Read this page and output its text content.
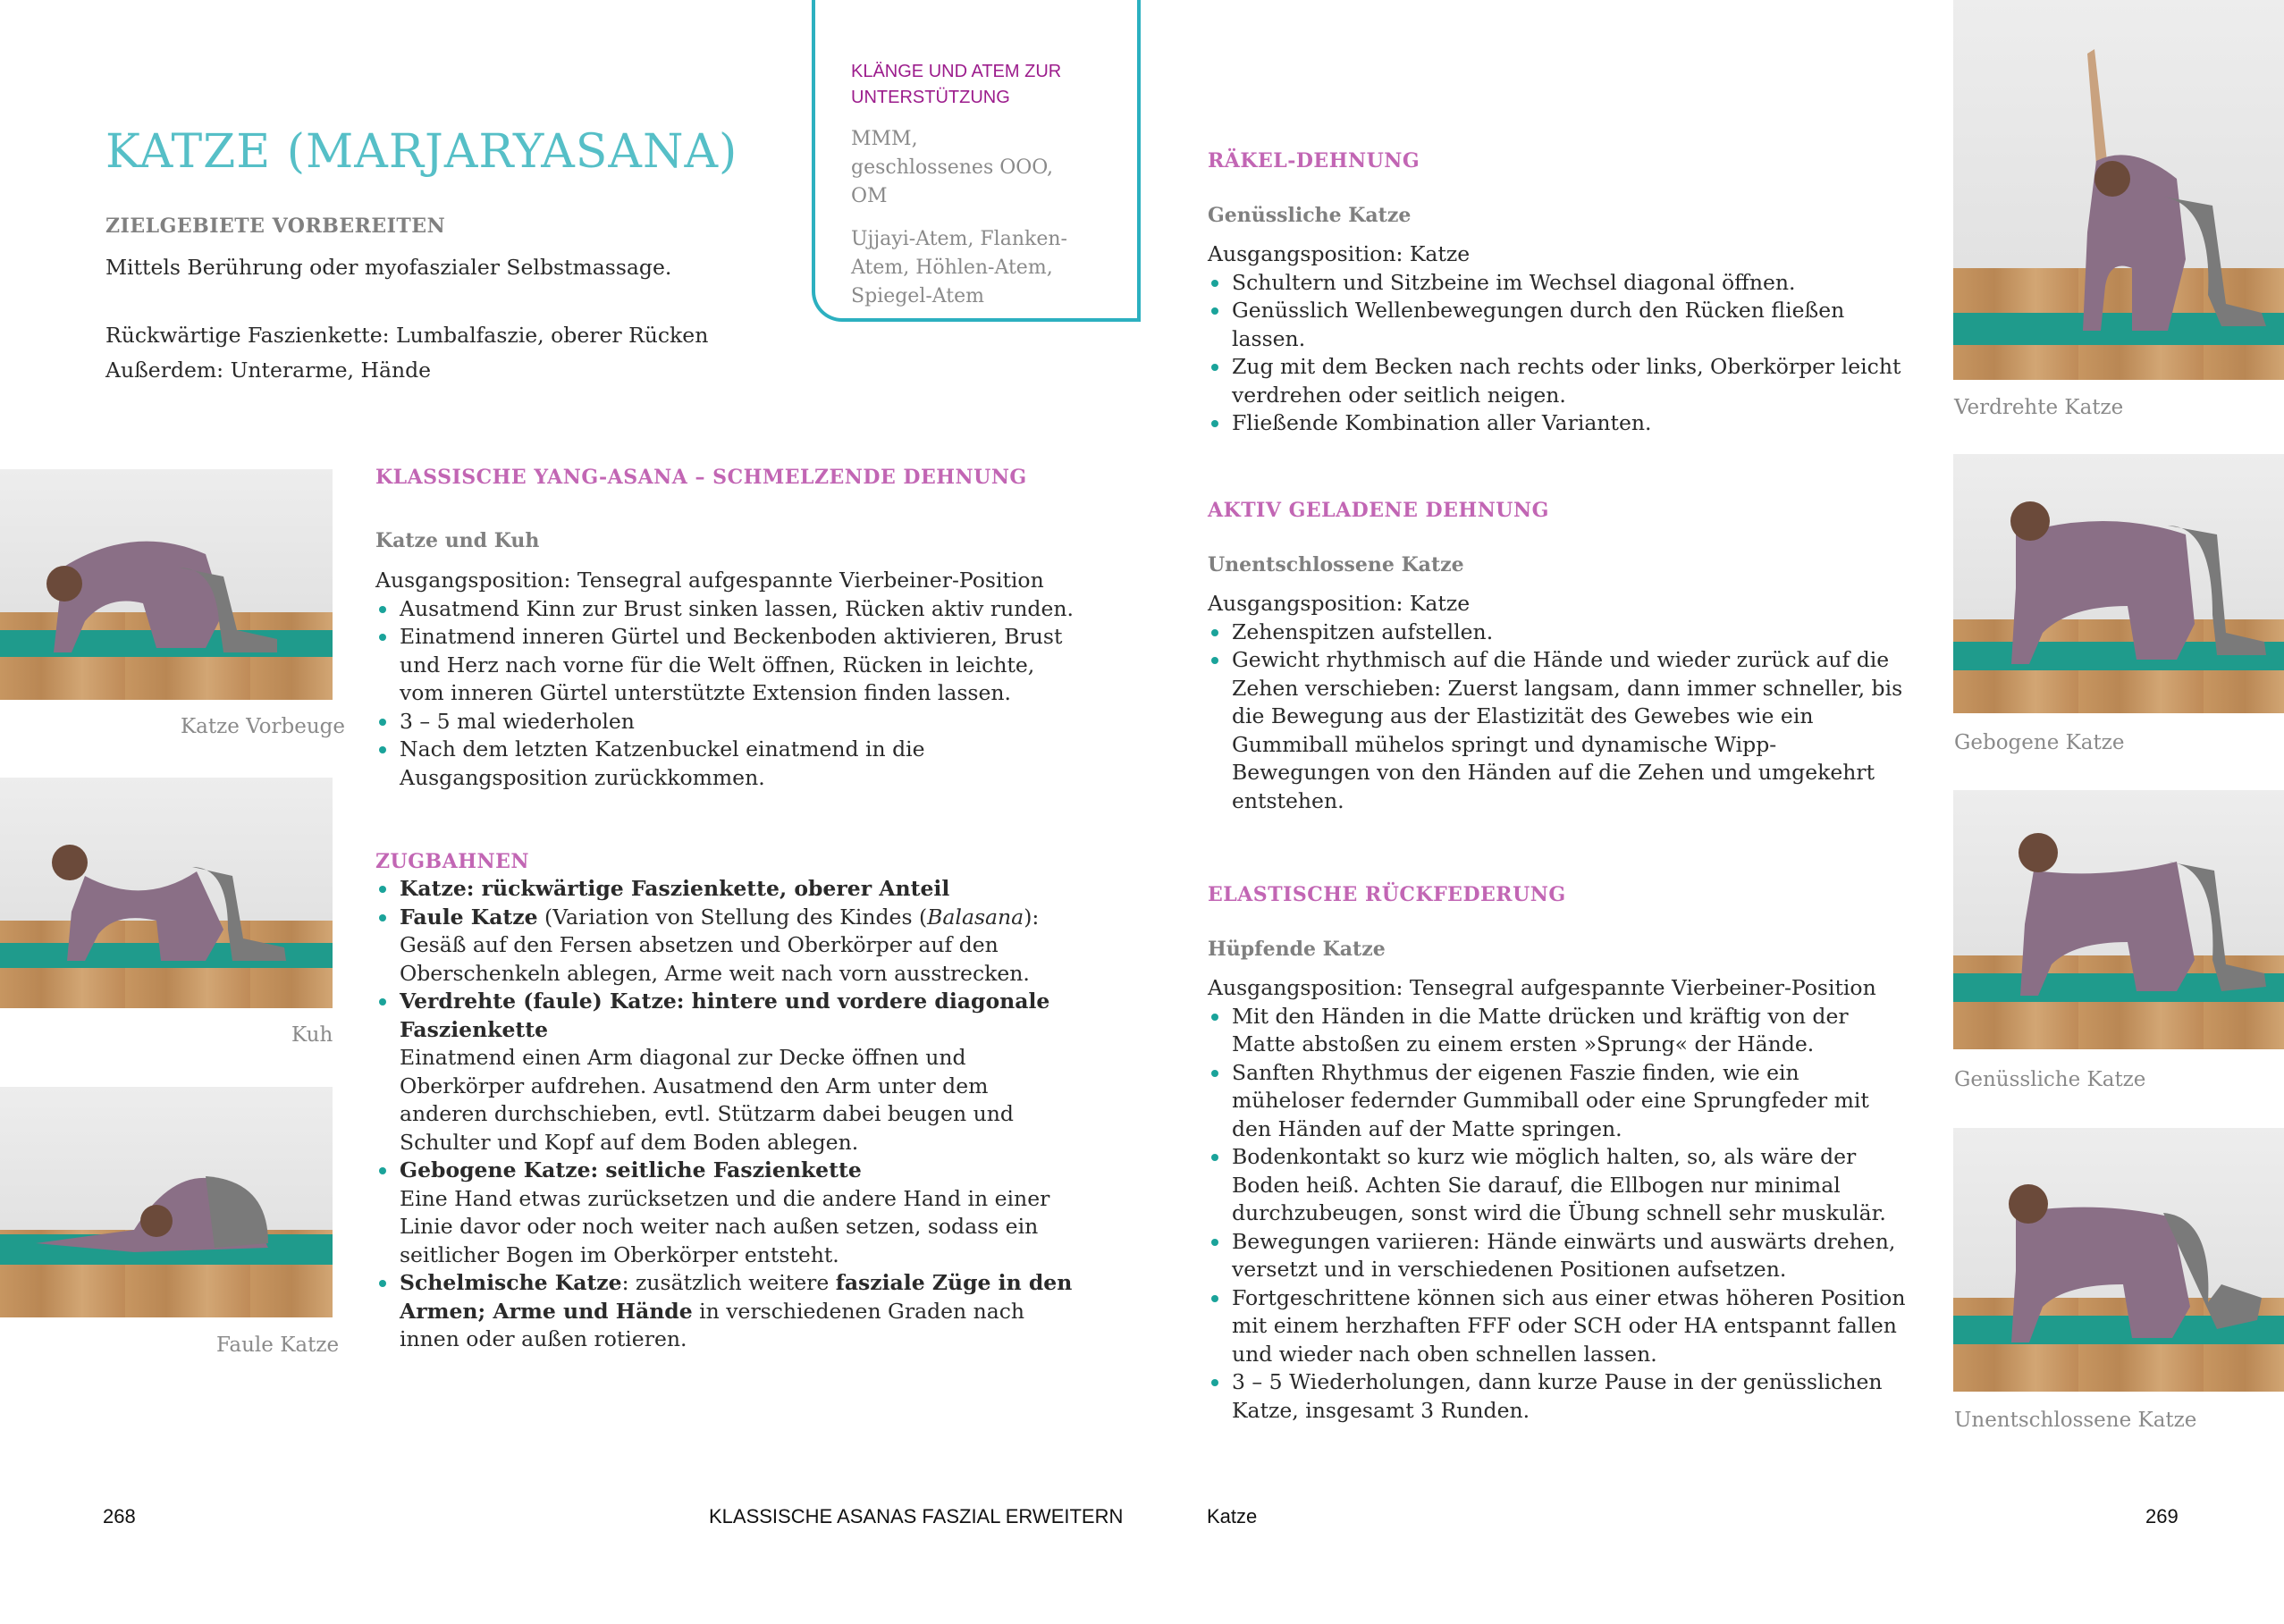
KATZE (MARJARYASANA)
ZIELGEBIETE VORBEREITEN
Mittels Berührung oder myofaszialer Selbstmassage.
Rückwärtige Faszienkette: Lumbalfaszie, oberer Rücken
Außerdem: Unterarme, Hände
KLÄNGE UND ATEM ZUR UNTERSTÜTZUNG
MMM, geschlossenes OOO, OM
Ujjayi-Atem, Flanken-Atem, Höhlen-Atem, Spiegel-Atem
Katze Vorbeuge
Kuh
Faule Katze
KLASSISCHE YANG-ASANA – SCHMELZENDE DEHNUNG
Katze und Kuh
Ausgangsposition: Tensegral aufgespannte Vierbeiner-Position
Ausatmend Kinn zur Brust sinken lassen, Rücken aktiv runden.
Einatmend inneren Gürtel und Beckenboden aktivieren, Brust und Herz nach vorne für die Welt öffnen, Rücken in leichte, vom inneren Gürtel unterstützte Extension finden lassen.
3 – 5 mal wiederholen
Nach dem letzten Katzenbuckel einatmend in die Ausgangsposition zurückkommen.
ZUGBAHNEN
Katze: rückwärtige Faszienkette, oberer Anteil
Faule Katze (Variation von Stellung des Kindes (Balasana): Gesäß auf den Fersen absetzen und Oberkörper auf den Oberschenkeln ablegen, Arme weit nach vorn ausstrecken.
Verdrehte (faule) Katze: hintere und vordere diagonale Faszienkette
Einatmend einen Arm diagonal zur Decke öffnen und Oberkörper aufdrehen. Ausatmend den Arm unter dem anderen durchschieben, evtl. Stützarm dabei beugen und Schulter und Kopf auf dem Boden ablegen.
Gebogene Katze: seitliche Faszienkette
Eine Hand etwas zurücksetzen und die andere Hand in einer Linie davor oder noch weiter nach außen setzen, sodass ein seitlicher Bogen im Oberkörper entsteht.
Schelmische Katze: zusätzlich weitere fasziale Züge in den Armen; Arme und Hände in verschiedenen Graden nach innen oder außen rotieren.
268	KLASSISCHE ASANAS FASZIAL ERWEITERN
RÄKEL-DEHNUNG
Genüssliche Katze
Ausgangsposition: Katze
Schultern und Sitzbeine im Wechsel diagonal öffnen.
Genüsslich Wellenbewegungen durch den Rücken fließen lassen.
Zug mit dem Becken nach rechts oder links, Oberkörper leicht verdrehen oder seitlich neigen.
Fließende Kombination aller Varianten.
AKTIV GELADENE DEHNUNG
Unentschlossene Katze
Ausgangsposition: Katze
Zehenspitzen aufstellen.
Gewicht rhythmisch auf die Hände und wieder zurück auf die Zehen verschieben: Zuerst langsam, dann immer schneller, bis die Bewegung aus der Elastizität des Gewebes wie ein Gummiball mühelos springt und dynamische Wipp-Bewegungen von den Händen auf die Zehen und umgekehrt entstehen.
ELASTISCHE RÜCKFEDERUNG
Hüpfende Katze
Ausgangsposition: Tensegral aufgespannte Vierbeiner-Position
Mit den Händen in die Matte drücken und kräftig von der Matte abstoßen zu einem ersten »Sprung« der Hände.
Sanften Rhythmus der eigenen Faszie finden, wie ein müheloser federnder Gummiball oder eine Sprungfeder mit den Händen auf der Matte springen.
Bodenkontakt so kurz wie möglich halten, so, als wäre der Boden heiß. Achten Sie darauf, die Ellbogen nur minimal durchzubeugen, sonst wird die Übung schnell sehr muskulär.
Bewegungen variieren: Hände einwärts und auswärts drehen, versetzt und in verschiedenen Positionen aufsetzen.
Fortgeschrittene können sich aus einer etwas höheren Position mit einem herzhaften FFF oder SCH oder HA entspannt fallen und wieder nach oben schnellen lassen.
3 – 5 Wiederholungen, dann kurze Pause in der genüsslichen Katze, insgesamt 3 Runden.
Verdrehte Katze
Gebogene Katze
Genüssliche Katze
Unentschlossene Katze
Katze	269
